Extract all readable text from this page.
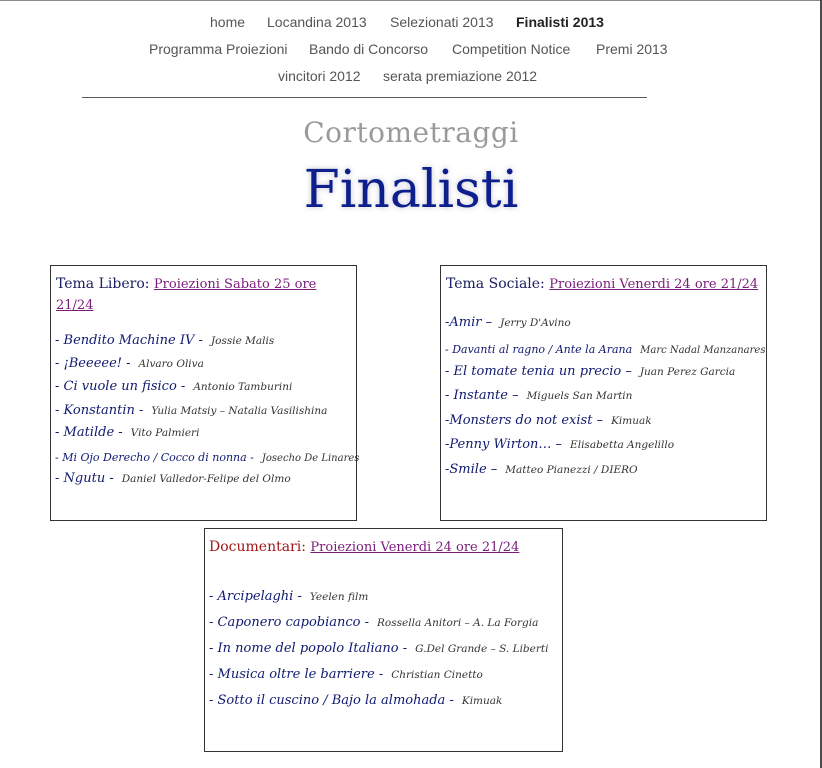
home Locandina 2013 Selezionati 2013 Finalisti 2013
Programma Proiezioni Bando di Concorso Competition Notice Premi 2013
vincitori 2012 serata premiazione 2012
Cortometraggi
Finalisti
Tema Libero: Proiezioni Sabato 25 ore 21/24
- Bendito Machine IV - Jossie Malis
- ¡Beeeee! - Alvaro Oliva
- Ci vuole un fisico - Antonio Tamburini
- Konstantin - Yulia Matsiy – Natalia Vasilishina
- Matilde - Vito Palmieri
- Mi Ojo Derecho / Cocco di nonna - Josecho De Linares
- Ngutu - Daniel Valledor-Felipe del Olmo
Tema Sociale: Proiezioni Venerdi 24 ore 21/24
-Amir – Jerry D'Avino
- Davanti al ragno / Ante la Arana Marc Nadal Manzanares
- El tomate tenia un precio – Juan Perez Garcia
- Instante – Miguels San Martin
-Monsters do not exist – Kimuak
-Penny Wirton… – Elisabetta Angelillo
-Smile – Matteo Pianezzi / DIERO
Documentari: Proiezioni Venerdi 24 ore 21/24
- Arcipelaghi - Yeelen film
- Caponero capobianco - Rossella Anitori – A. La Forgia
- In nome del popolo Italiano - G.Del Grande – S. Liberti
- Musica oltre le barriere - Christian Cinetto
- Sotto il cuscino / Bajo la almohada - Kimuak
